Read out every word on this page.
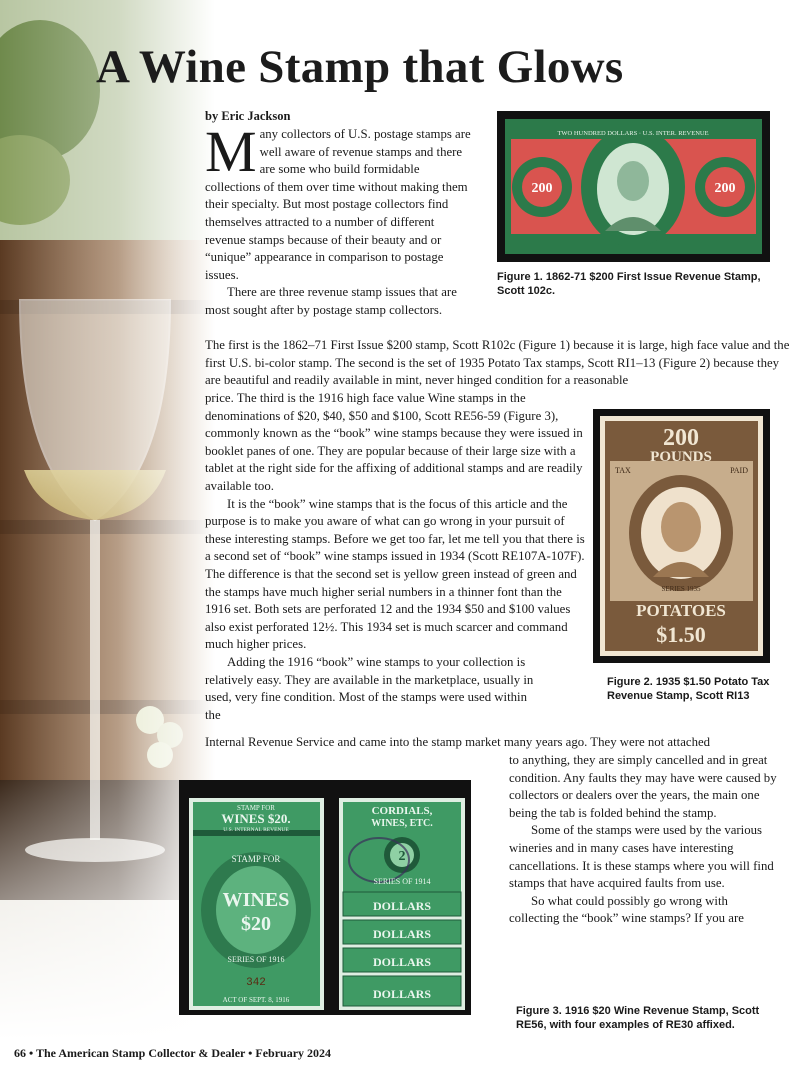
A Wine Stamp that Glows
by Eric Jackson
M any collectors of U.S. postage stamps are well aware of revenue stamps and there are some who build formidable collections of them over time without making them their specialty. But most postage collectors find themselves attracted to a number of different revenue stamps because of their beauty and or “unique” appearance in comparison to postage issues.

There are three revenue stamp issues that are most sought after by postage stamp collectors.

The first is the 1862–71 First Issue $200 stamp, Scott R102c (Figure 1) because it is large, high face value and the first U.S. bi-color stamp. The second is the set of 1935 Potato Tax stamps, Scott RI1–13 (Figure 2) because they are beautiful and readily available in mint, never hinged condition for a reasonable

price. The third is the 1916 high face value Wine stamps in the denominations of $20, $40, $50 and $100, Scott RE56-59 (Figure 3), commonly known as the “book” wine stamps because they were issued in booklet panes of one. They are popular because of their large size with a tablet at the right side for the affixing of additional stamps and are readily available too.

It is the “book” wine stamps that is the focus of this article and the purpose is to make you aware of what can go wrong in your pursuit of these interesting stamps. Before we get too far, let me tell you that there is a second set of “book” wine stamps issued in 1934 (Scott RE107A-107F). The difference is that the second set is yellow green instead of green and the stamps have much higher serial numbers in a thinner font than the 1916 set. Both sets are perforated 12 and the 1934 $50 and $100 values also exist perforated 12½. This 1934 set is much scarcer and command much higher prices.

Adding the 1916 “book” wine stamps to your collection is relatively easy. They are available in the marketplace, usually in used, very fine condition. Most of the stamps were used within the

Internal Revenue Service and came into the stamp market many years ago. They were not attached

to anything, they are simply cancelled and in great condition. Any faults they may have were caused by collectors or dealers over the years, the main one being the tab is folded behind the stamp.

Some of the stamps were used by the various wineries and in many cases have interesting cancellations. It is these stamps where you will find stamps that have acquired faults from use.

So what could possibly go wrong with collecting the “book” wine stamps? If you are

200	200
TWO HUNDRED DOLLARS · U.S. INTER. REVENUE
Figure 1. 1862-71 $200 First Issue Revenue Stamp, Scott 102c.
200
POUNDS
TAX	PAID
SERIES 1935
POTATOES
$1.50
Figure 2. 1935 $1.50 Potato Tax Revenue Stamp, Scott RI13
STAMP FOR
WINES $20.
U.S. INTERNAL REVENUE
STAMP FOR
WINES
$20
SERIES OF 1916
342
ACT OF SEPT. 8, 1916
CORDIALS,
WINES, ETC.
2
SERIES OF 1914
DOLLARS
DOLLARS
DOLLARS
DOLLARS
Figure 3. 1916 $20 Wine Revenue Stamp, Scott RE56, with four examples of RE30 affixed.
66 • The American Stamp Collector & Dealer • February 2024
